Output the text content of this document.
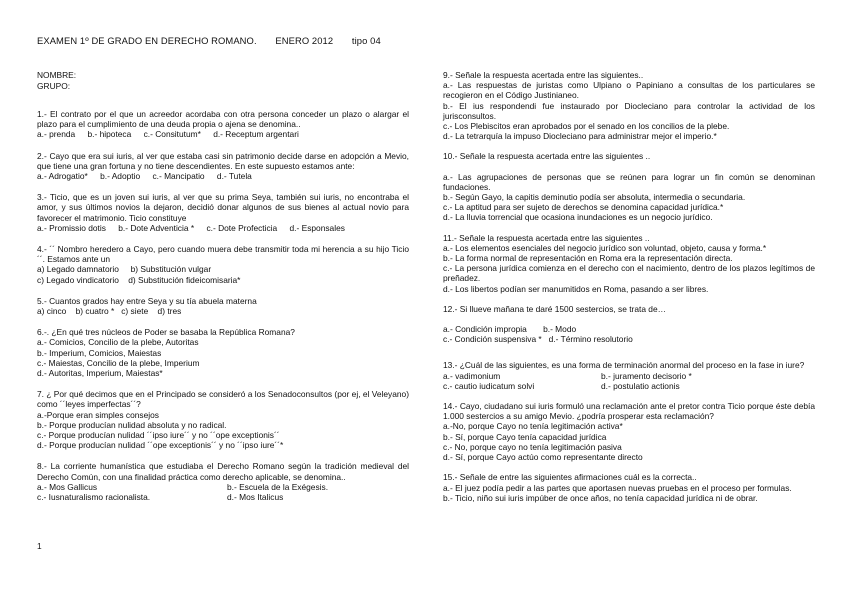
EXAMEN 1º DE GRADO EN DERECHO ROMANO. ENERO 2012 tipo 04
NOMBRE:
GRUPO:

1.- El contrato por el que un acreedor acordaba con otra persona conceder un plazo o alargar el plazo para el cumplimiento de una deuda propia o ajena se denomina..

a.- prenda b.- hipoteca c.- Consitutum* d.- Receptum argentari

2.- Cayo que era sui iuris, al ver que estaba casi sin patrimonio decide darse en adopción a Mevio, que tiene una gran fortuna y no tiene descendientes. En este supuesto estamos ante:

a.- Adrogatio* b.- Adoptio c.- Mancipatio d.- Tutela

3.- Ticio, que es un joven sui iuris, al ver que su prima Seya, también sui iuris, no encontraba el amor, y sus últimos novios la dejaron, decidió donar algunos de sus bienes al actual novio para favorecer el matrimonio. Ticio constituye

a.- Promissio dotis b.- Dote Adventicia * c.- Dote Profecticia d.- Esponsales

4.- ´´ Nombro heredero a Cayo, pero cuando muera debe transmitir toda mi herencia a su hijo Ticio´´. Estamos ante un

a) Legado damnatorio     b) Substitución vulgar
c) Legado vindicatorio    d) Substitución fideicomisaria*

5.- Cuantos grados hay entre Seya y su tía abuela materna

a) cinco    b) cuatro *   c) siete    d) tres

6.-. ¿En qué tres núcleos de Poder se basaba la República Romana?

a.- Comicios, Concilio de la plebe, Autoritas
b.- Imperium, Comicios, Maiestas
c.- Maiestas, Concilio de la plebe, Imperium
d.- Autoritas, Imperium, Maiestas*

7. ¿ Por qué decimos que en el Principado se consideró a los Senadoconsultos (por ej, el Veleyano) como ´´leyes imperfectas´´?

a.-Porque eran simples consejos
b.- Porque producían nulidad absoluta y no radical.
c.- Porque producían nulidad ´´ipso iure´´ y no ´´ope exceptionis´´
d.- Porque producían nulidad ´´ope exceptionis´´ y no ´´ipso iure´´*

8.- La corriente humanística que estudiaba el Derecho Romano según la tradición medieval del Derecho Común, con una finalidad práctica como derecho aplicable, se denomina..

a.- Mos Gallicus	b.- Escuela de la Exégesis.
c.- Iusnaturalismo racionalista.	d.- Mos Italicus

9.- Señale la respuesta acertada entre las siguientes..

a.- Las respuestas de juristas como Ulpiano o Papiniano a consultas de los particulares se recogieron en el Código Justinianeo.
b.- El ius respondendi fue instaurado por Diocleciano para controlar la actividad de los jurisconsultos.
c.- Los Plebiscitos eran aprobados por el senado en los concilios de la plebe.
d.- La tetrarquía la impuso Diocleciano para administrar mejor el imperio.*

10.- Señale la respuesta acertada entre las siguientes ..

a.- Las agrupaciones de personas que se reúnen para lograr un fin común se denominan fundaciones.
b.- Según Gayo, la capitis deminutio podía ser absoluta, intermedia o secundaria.
c.- La aptitud para ser sujeto de derechos se denomina capacidad jurídica.*
d.- La lluvia torrencial que ocasiona inundaciones es un negocio jurídico.

11.- Señale la respuesta acertada entre las siguientes ..

a.- Los elementos esenciales del negocio jurídico son voluntad, objeto, causa y forma.*
b.- La forma normal de representación en Roma era la representación directa.
c.- La persona jurídica comienza en el derecho con el nacimiento, dentro de los plazos legítimos de preñadez.
d.- Los libertos podían ser manumitidos en Roma, pasando a ser libres.

12.- Si llueve mañana te daré 1500 sestercios, se trata de…

a.- Condición impropia       b.- Modo
c.- Condición suspensiva *   d.- Término resolutorio

13.- ¿Cuál de las siguientes, es una forma de terminación anormal del proceso en la fase in iure?

a.- vadimonium	b.- juramento decisorio *
c.- cautio iudicatum solvi	d.- postulatio actionis

14.- Cayo, ciudadano sui iuris formuló una reclamación ante el pretor contra Ticio porque éste debía 1.000 sestercios a su amigo Mevio. ¿podría prosperar esta reclamación?

a.-No, porque Cayo no tenía legitimación activa*
b.- Sí, porque Cayo tenía capacidad jurídica
c.- No, porque cayo no tenía legitimación pasiva
d.- Sí, porque Cayo actúo como representante directo

15.- Señale de entre las siguientes afirmaciones cuál es la correcta..

a.- El juez podía pedir a las partes que aportasen nuevas pruebas en el proceso per formulas.
b.- Ticio, niño sui iuris impúber de once años, no tenía capacidad jurídica ni de obrar.
1
